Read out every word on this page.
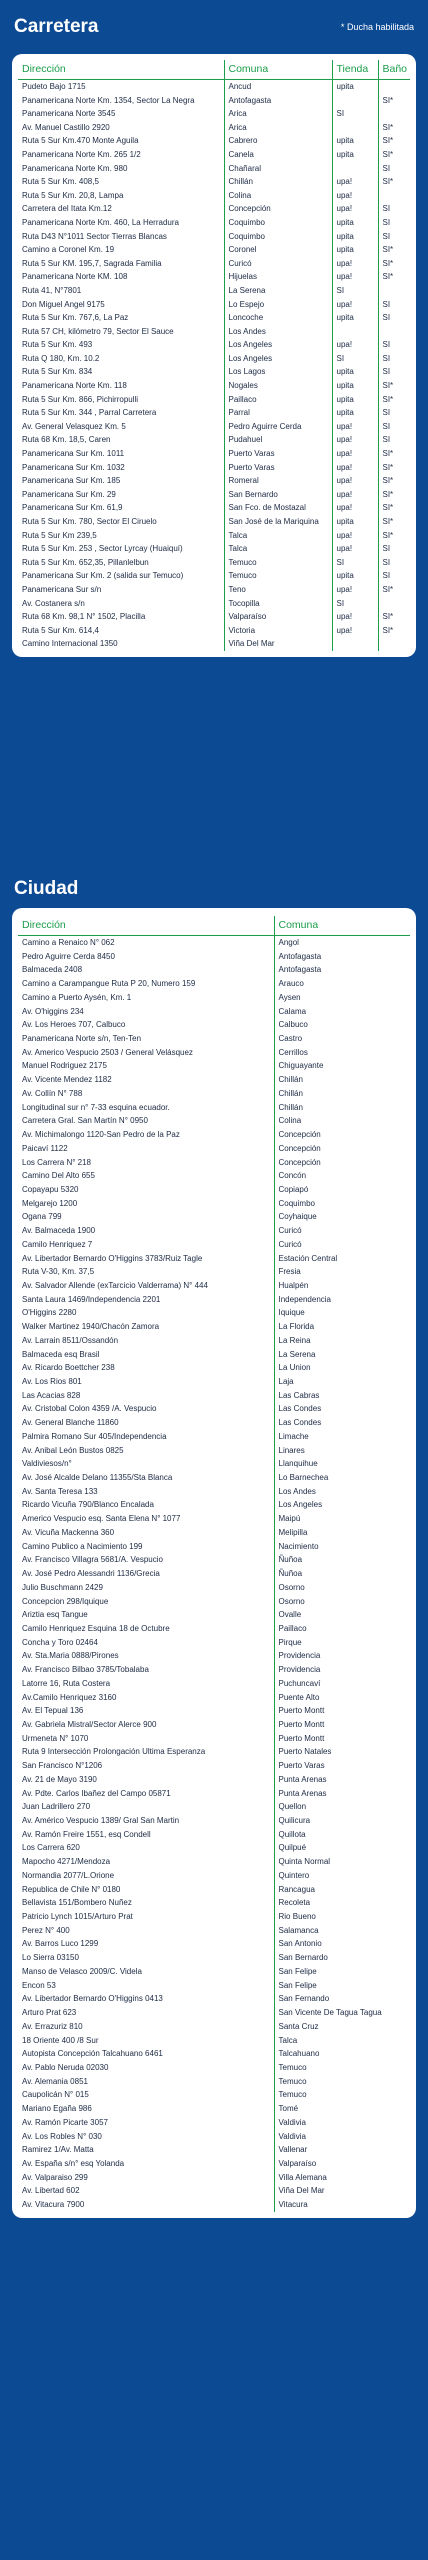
Carretera	* Ducha habilitada
Dirección	Comuna	Tienda	Baño
Pudeto Bajo 1715	Ancud	upita	
Panamericana Norte Km. 1354, Sector La Negra	Antofagasta		SI*
Panamericana Norte 3545	Arica	SI	
Av. Manuel Castillo 2920	Arica		SI*
Ruta 5 Sur Km.470 Monte Aguila	Cabrero	upita	SI*
Panamericana Norte Km. 265 1/2	Canela	upita	SI*
Panamericana Norte Km. 980	Chañaral		SI
Ruta 5 Sur Km. 408,5	Chillán	upa!	SI*
Ruta 5 Sur Km. 20,8, Lampa	Colina	upa!	
Carretera del Itata Km.12	Concepción	upa!	SI
Panamericana Norte Km. 460, La Herradura	Coquimbo	upita	SI
Ruta D43 N°1011 Sector Tierras Blancas	Coquimbo	upita	SI
Camino a Coronel Km. 19	Coronel	upita	SI*
Ruta 5 Sur KM. 195,7, Sagrada Familia	Curicó	upa!	SI*
Panamericana Norte KM. 108	Hijuelas	upa!	SI*
Ruta 41, N°7801	La Serena	SI	
Don Miguel Angel 9175	Lo Espejo	upa!	SI
Ruta 5 Sur Km. 767,6, La Paz	Loncoche	upita	SI
Ruta 57 CH, kilómetro 79, Sector El Sauce	Los Andes		
Ruta 5 Sur Km. 493	Los Angeles	upa!	SI
Ruta Q 180, Km. 10.2	Los Angeles	SI	SI
Ruta 5 Sur Km. 834	Los Lagos	upita	SI
Panamericana Norte Km. 118	Nogales	upita	SI*
Ruta 5 Sur Km. 866, Pichirropulli	Paillaco	upita	SI*
Ruta 5 Sur Km. 344 , Parral Carretera	Parral	upita	SI
Av. General Velasquez Km. 5	Pedro Aguirre Cerda	upa!	SI
Ruta 68 Km. 18,5, Caren	Pudahuel	upa!	SI
Panamericana Sur Km. 1011	Puerto Varas	upa!	SI*
Panamericana Sur Km. 1032	Puerto Varas	upa!	SI*
Panamericana Sur Km. 185	Romeral	upa!	SI*
Panamericana Sur Km. 29	San Bernardo	upa!	SI*
Panamericana Sur Km. 61,9	San Fco. de Mostazal	upa!	SI*
Ruta 5 Sur Km. 780, Sector El Ciruelo	San José de la Mariquina	upita	SI*
Ruta 5 Sur Km 239,5	Talca	upa!	SI*
Ruta 5 Sur Km. 253 , Sector Lyrcay (Huaiquí)	Talca	upa!	SI
Ruta 5 Sur Km. 652,35, Pillanlelbun	Temuco	SI	SI
Panamericana Sur Km. 2 (salida sur Temuco)	Temuco	upita	SI
Panamericana Sur s/n	Teno	upa!	SI*
Av. Costanera s/n	Tocopilla	SI	
Ruta 68 Km. 98,1 N° 1502, Placilla	Valparaíso	upa!	SI*
Ruta 5 Sur Km. 614,4	Victoria	upa!	SI*
Camino Internacional 1350	Viña Del Mar		
Ciudad
Dirección	Comuna
Camino a Renaico N° 062	Angol
Pedro Aguirre Cerda 8450	Antofagasta
Balmaceda 2408	Antofagasta
Camino a Carampangue Ruta P 20, Numero 159	Arauco
Camino a Puerto Aysén, Km. 1	Aysen
Av. O'higgins 234	Calama
Av. Los Heroes 707, Calbuco	Calbuco
Panamericana Norte s/n, Ten-Ten	Castro
Av. Americo Vespucio 2503 / General Velásquez	Cerrillos
Manuel Rodriguez 2175	Chiguayante
Av. Vicente Mendez 1182	Chillán
Av. Collín N° 788	Chillán
Longitudinal sur n° 7-33 esquina ecuador.	Chillán
Carretera Gral. San Martín N° 0950	Colina
Av. Michimalongo 1120-San Pedro de la Paz	Concepción
Paicaví 1122	Concepción
Los Carrera N° 218	Concepción
Camino Del Alto 655	Concón
Copayapu 5320	Copiapó
Melgarejo 1200	Coquimbo
Ogana 799	Coyhaique
Av. Balmaceda 1900	Curicó
Camilo Henriquez 7	Curicó
Av. Libertador Bernardo O'Higgins 3783/Ruiz Tagle	Estación Central
Ruta V-30, Km. 37,5	Fresia
Av. Salvador Allende (exTarcicio Valderrama) N° 444	Hualpén
Santa Laura 1469/Independencia 2201	Independencia
O'Higgins 2280	Iquique
Walker Martinez 1940/Chacón Zamora	La Florida
Av. Larrain 8511/Ossandón	La Reina
Balmaceda esq Brasil	La Serena
Av. Ricardo Boettcher 238	La Union
Av. Los Rios 801	Laja
Las Acacias 828	Las Cabras
Av. Cristobal Colon 4359 /A. Vespucio	Las Condes
Av. General Blanche 11860	Las Condes
Palmira Romano Sur 405/Independencia	Limache
Av. Anibal León Bustos 0825	Linares
Valdiviesos/n°	Llanquihue
Av. José Alcalde Delano 11355/Sta Blanca	Lo Barnechea
Av. Santa Teresa 133	Los Andes
Ricardo Vicuña 790/Blanco Encalada	Los Angeles
Americo Vespucio esq. Santa Elena N° 1077	Maipú
Av. Vicuña Mackenna 360	Melipilla
Camino Publico a Nacimiento 199	Nacimiento
Av. Francisco Villagra 5681/A. Vespucio	Ñuñoa
Av. José Pedro Alessandri 1136/Grecia	Ñuñoa
Julio Buschmann 2429	Osorno
Concepcion 298/Iquique	Osorno
Ariztia esq Tangue	Ovalle
Camilo Henriquez Esquina 18 de Octubre	Paillaco
Concha y Toro 02464	Pirque
Av. Sta.Maria 0888/Pirones	Providencia
Av. Francisco Bilbao 3785/Tobalaba	Providencia
Latorre 16, Ruta Costera	Puchuncaví
Av.Camilo Henriquez 3160	Puente Alto
Av. El Tepual 136	Puerto Montt
Av. Gabriela Mistral/Sector Alerce 900	Puerto Montt
Urmeneta N° 1070	Puerto Montt
Ruta 9 Intersección Prolongación Ultima Esperanza	Puerto Natales
San Francisco N°1206	Puerto Varas
Av. 21 de Mayo 3190	Punta Arenas
Av. Pdte. Carlos Ibañez del Campo 05871	Punta Arenas
Juan Ladrillero 270	Quellon
Av. Américo Vespucio 1389/ Gral San Martin	Quilicura
Av. Ramón Freire 1551, esq Condell	Quillota
Los Carrera 620	Quilpué
Mapocho 4271/Mendoza	Quinta Normal
Normandia 2077/L.Orione	Quintero
Republica de Chile N° 0180	Rancagua
Bellavista 151/Bombero Nuñez	Recoleta
Patricio Lynch 1015/Arturo Prat	Rio Bueno
Perez N° 400	Salamanca
Av. Barros Luco 1299	San Antonio
Lo Sierra 03150	San Bernardo
Manso de Velasco 2009/C. Videla	San Felipe
Encon 53	San Felipe
Av. Libertador Bernardo O'Higgins 0413	San Fernando
Arturo Prat 623	San Vicente De Tagua Tagua
Av. Errazuriz 810	Santa Cruz
18 Oriente 400 /8 Sur	Talca
Autopista Concepción Talcahuano 6461	Talcahuano
Av. Pablo Neruda 02030	Temuco
Av. Alemania 0851	Temuco
Caupolicán N° 015	Temuco
Mariano Egaña 986	Tomé
Av. Ramón Picarte 3057	Valdivia
Av. Los Robles N° 030	Valdivia
Ramirez 1/Av. Matta	Vallenar
Av. España s/n° esq Yolanda	Valparaíso
Av. Valparaiso 299	Villa Alemana
Av. Libertad 602	Viña Del Mar
Av. Vitacura 7900	Vitacura
